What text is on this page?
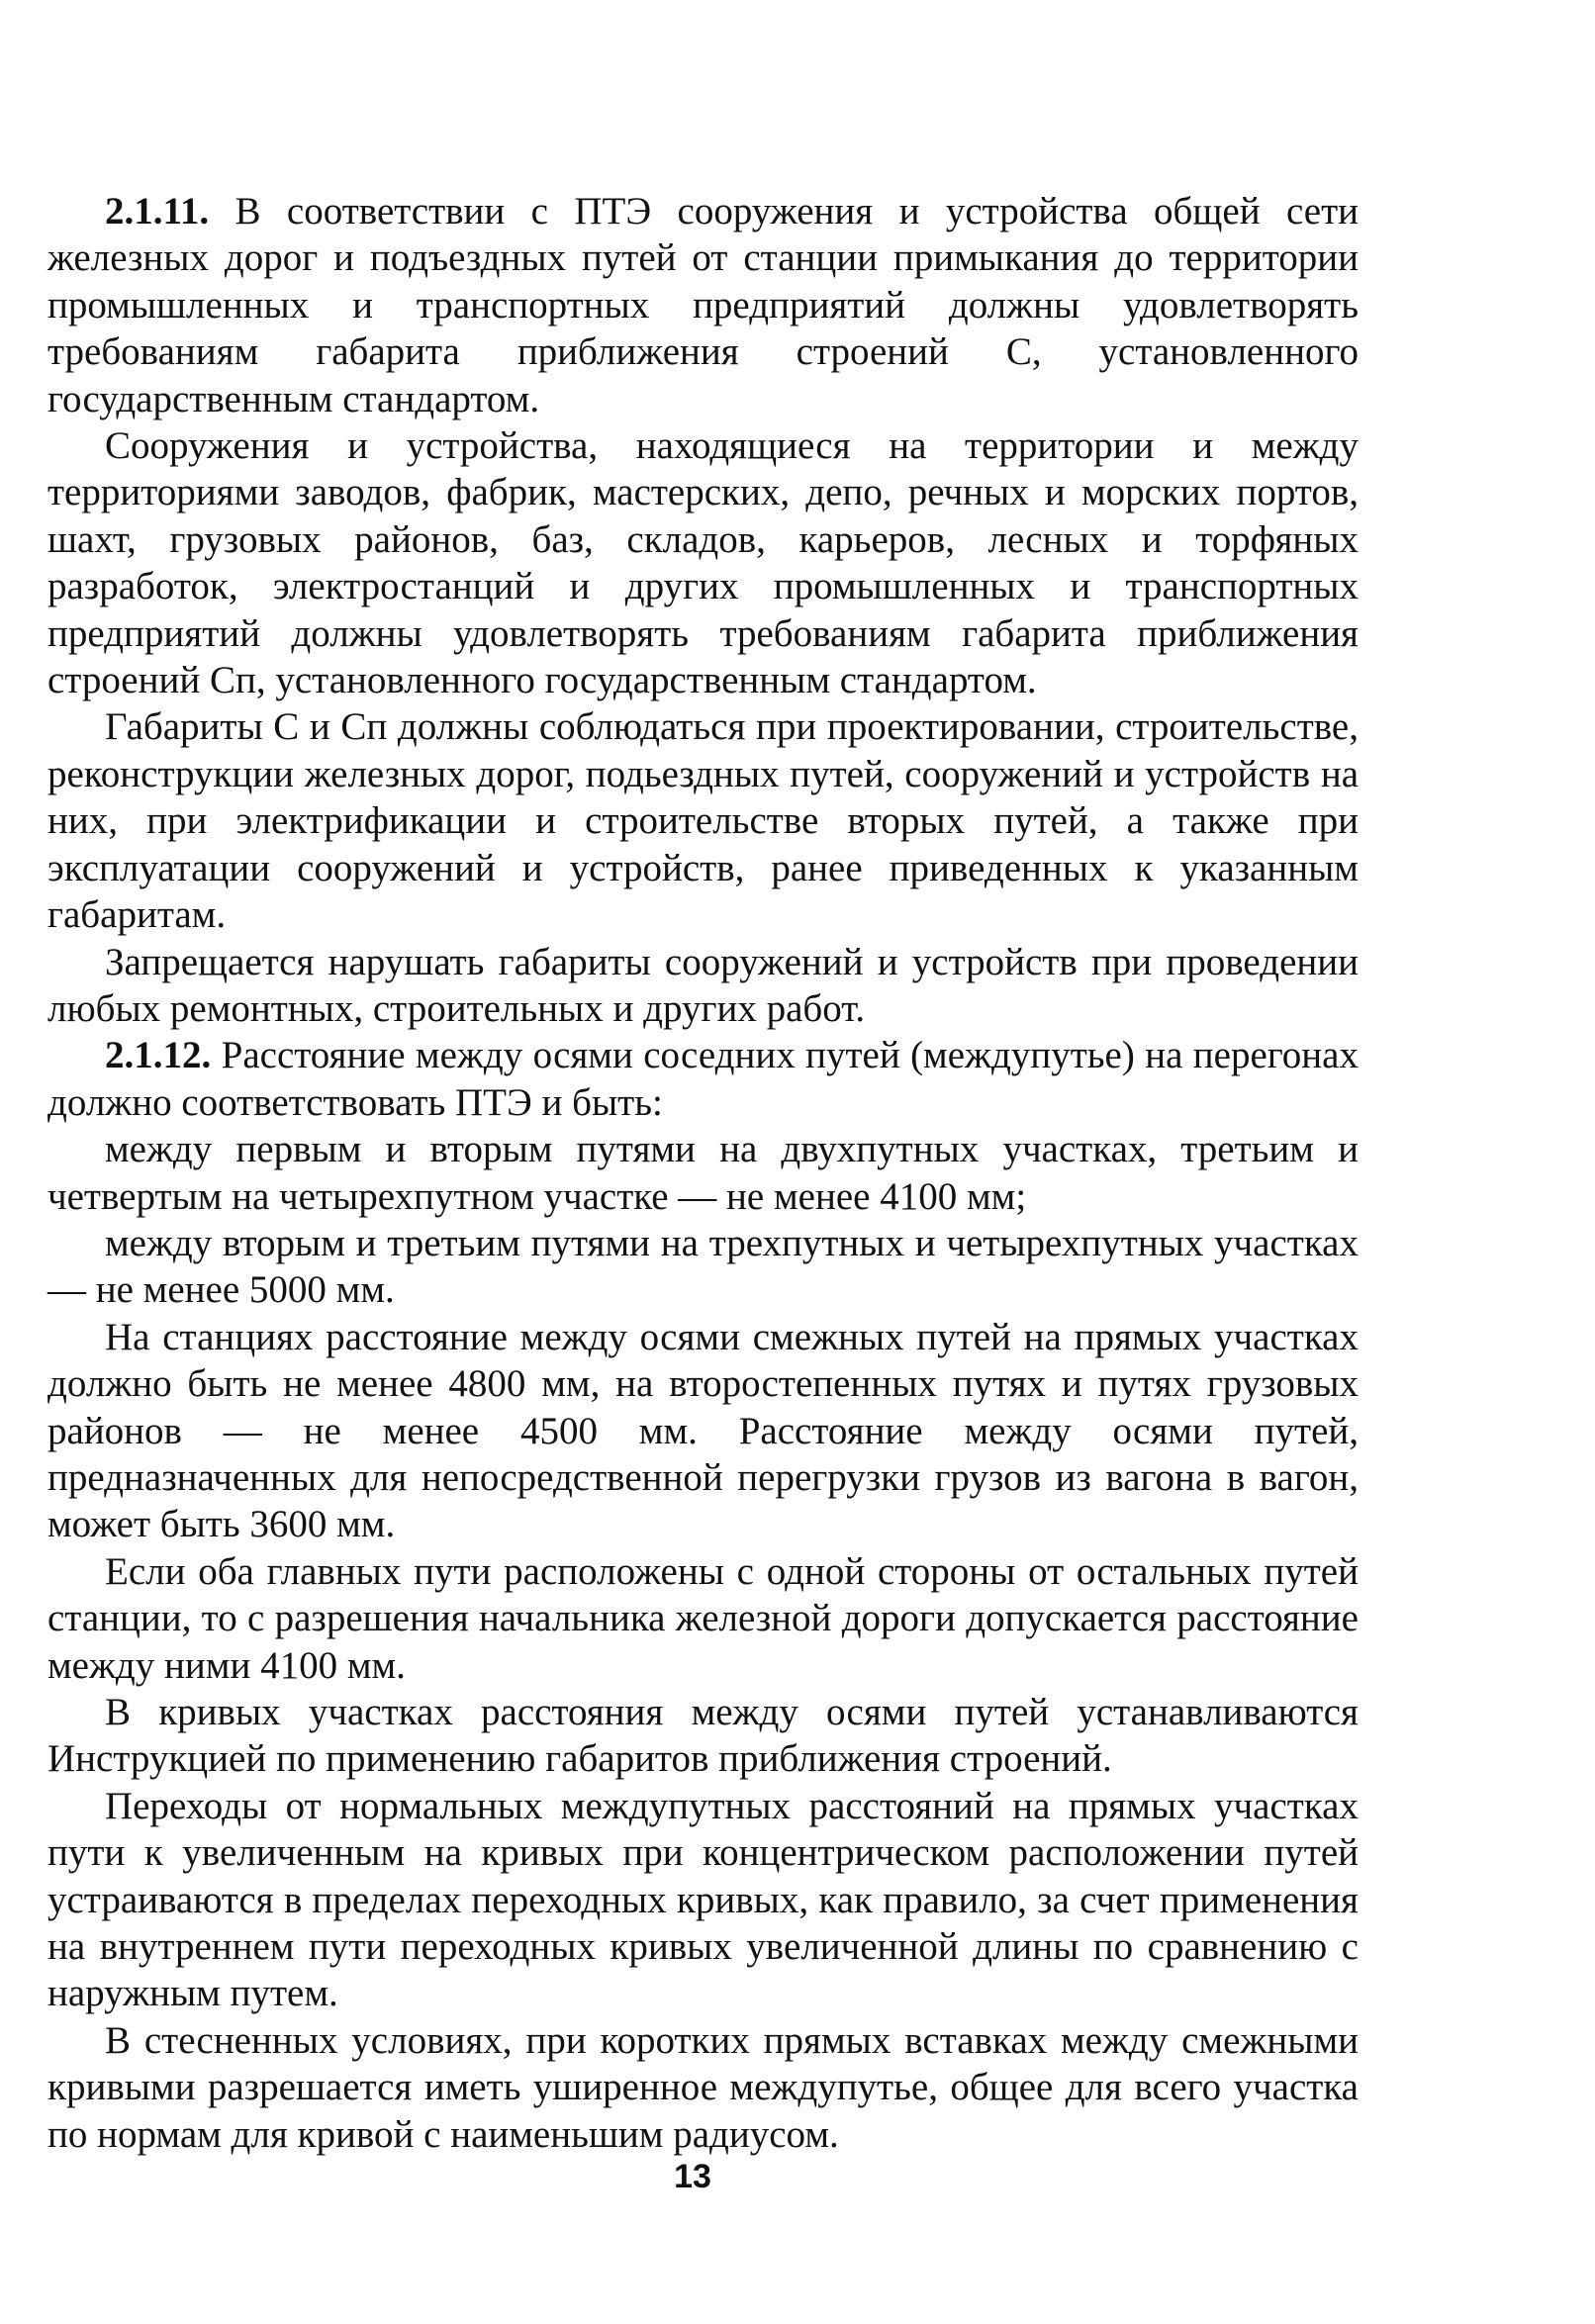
2.1.11. В соответствии с ПТЭ сооружения и устройства общей сети железных дорог и подъездных путей от станции примыкания до территории промышленных и транспортных предприятий должны удовлетворять требованиям габарита приближения строений С, установленного государственным стандартом.

Сооружения и устройства, находящиеся на территории и между территориями заводов, фабрик, мастерских, депо, речных и морских портов, шахт, грузовых районов, баз, складов, карьеров, лесных и торфяных разработок, электростанций и других промышленных и транспортных предприятий должны удовлетворять требованиям габарита приближения строений Сп, установленного государственным стандартом.

Габариты С и Сп должны соблюдаться при проектировании, строительстве, реконструкции железных дорог, подьездных путей, сооружений и устройств на них, при электрификации и строительстве вторых путей, а также при эксплуатации сооружений и устройств, ранее приведенных к указанным габаритам.

Запрещается нарушать габариты сооружений и устройств при проведении любых ремонтных, строительных и других работ.

2.1.12. Расстояние между осями соседних путей (междупутье) на перегонах должно соответствовать ПТЭ и быть:

между первым и вторым путями на двухпутных участках, третьим и четвертым на четырехпутном участке — не менее 4100 мм;

между вторым и третьим путями на трехпутных и четырехпутных участках — не менее 5000 мм.

На станциях расстояние между осями смежных путей на прямых участках должно быть не менее 4800 мм, на второстепенных путях и путях грузовых районов — не менее 4500 мм. Расстояние между осями путей, предназначенных для непосредственной перегрузки грузов из вагона в вагон, может быть 3600 мм.

Если оба главных пути расположены с одной стороны от остальных путей станции, то с разрешения начальника железной дороги допускается расстояние между ними 4100 мм.

В кривых участках расстояния между осями путей устанавливаются Инструкцией по применению габаритов приближения строений.

Переходы от нормальных междупутных расстояний на прямых участках пути к увеличенным на кривых при концентрическом расположении путей устраиваются в пределах переходных кривых, как правило, за счет применения на внутреннем пути переходных кривых увеличенной длины по сравнению с наружным путем.

В стесненных условиях, при коротких прямых вставках между смежными кривыми разрешается иметь уширенное междупутье, общее для всего участка по нормам для кривой с наименьшим радиусом.

13
